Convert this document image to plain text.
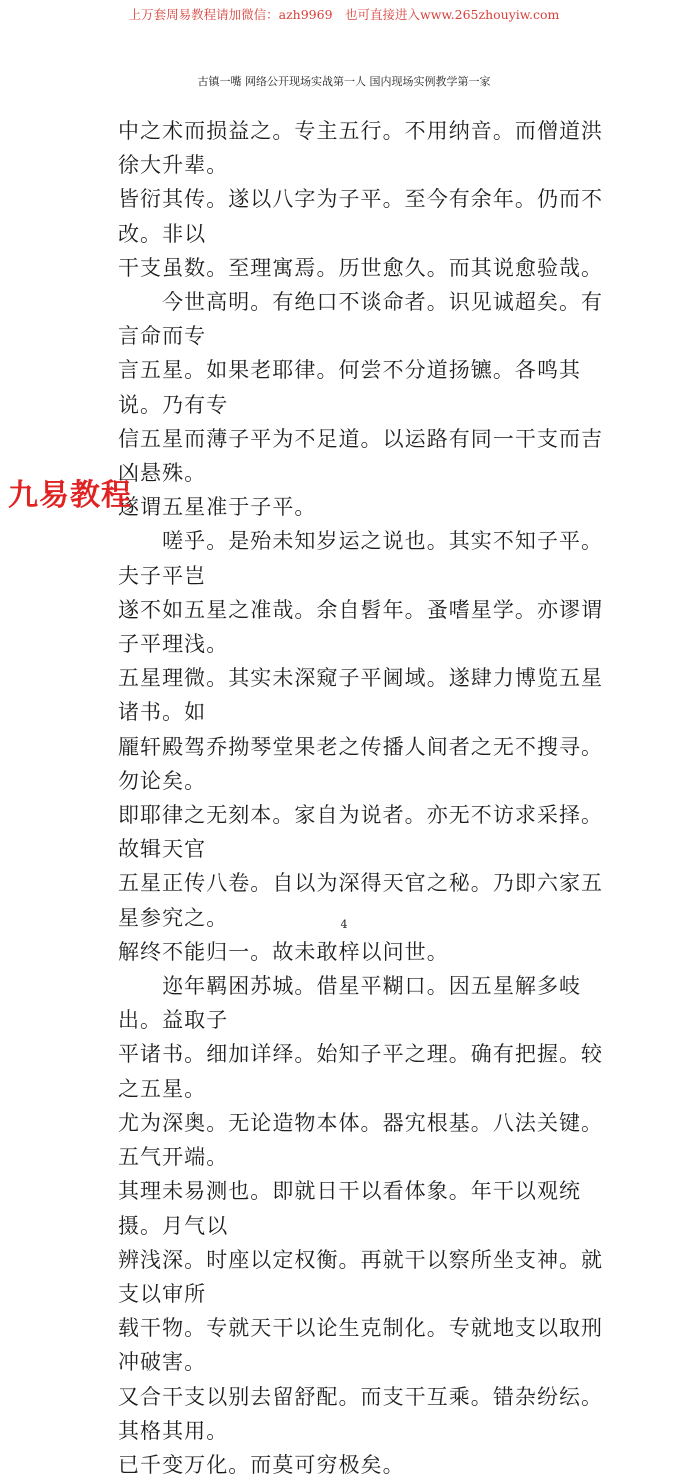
上万套周易教程请加微信：azh9969　也可直接进入www.265zhouyiw.com
古镇一嘴 网络公开现场实战第一人 国内现场实例教学第一家

中之术而损益之。专主五行。不用纳音。而僧道洪徐大升辈。
皆衍其传。遂以八字为子平。至今有余年。仍而不改。非以
干支虽数。至理寓焉。历世愈久。而其说愈验哉。

　　今世高明。有绝口不谈命者。识见诚超矣。有言命而专
言五星。如果老耶律。何尝不分道扬镳。各鸣其说。乃有专
信五星而薄子平为不足道。以运路有同一干支而吉凶悬殊。
遂谓五星准于子平。

　　嗟乎。是殆未知岁运之说也。其实不知子平。夫子平岂
遂不如五星之准哉。余自髫年。蚤嗜星学。亦谬谓子平理浅。
五星理微。其实未深窥子平阃域。遂肆力博览五星诸书。如
龎轩殿驾乔拗琴堂果老之传播人间者之无不搜寻。勿论矣。
即耶律之无刻本。家自为说者。亦无不访求采择。故辑天官
五星正传八卷。自以为深得天官之秘。乃即六家五星参究之。
解终不能归一。故未敢梓以问世。

　　迩年羁困苏城。借星平糊口。因五星解多岐出。益取子
平诸书。细加详绎。始知子平之理。确有把握。较之五星。
尤为深奥。无论造物本体。器宄根基。八法关键。五气开端。
其理未易测也。即就日干以看体象。年干以观统摄。月气以
辨浅深。时座以定权衡。再就干以察所坐支神。就支以审所
载干物。专就天干以论生克制化。专就地支以取刑冲破害。
又合干支以别去留舒配。而支干互乘。错杂纷纭。其格其用。
已千变万化。而莫可穷极矣。

九易教程
4
